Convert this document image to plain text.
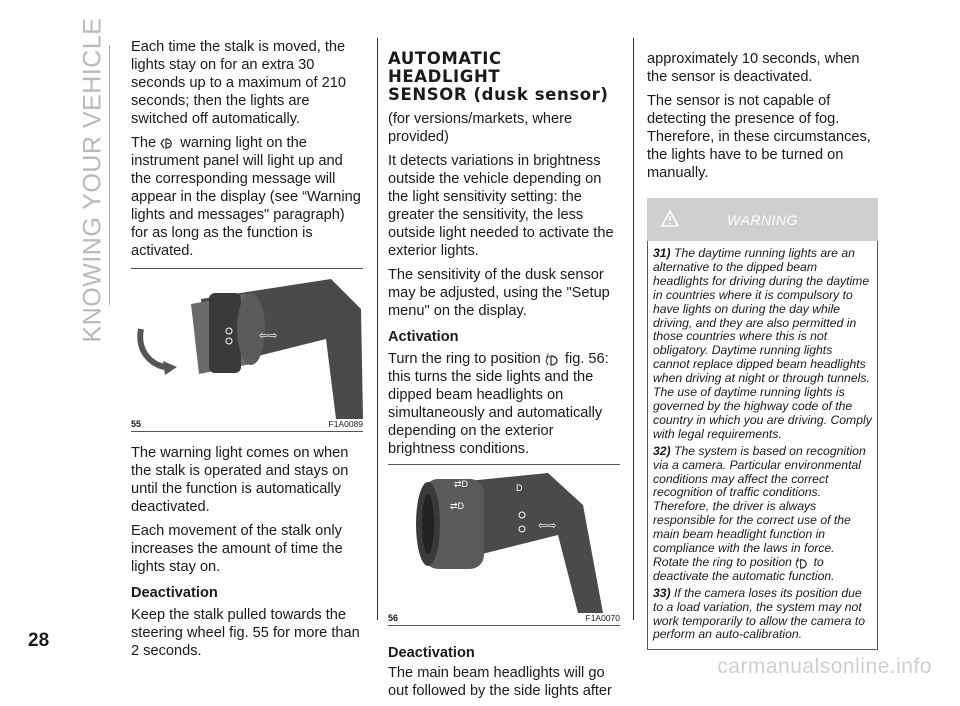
KNOWING YOUR VEHICLE Each time the stalk is moved, the lights stay on for an extra 30 seconds up to a maximum of 210 seconds; then the lights are switched off automatically.

The warning light on the instrument panel will light up and the corresponding message will appear in the display (see “Warning lights and messages" paragraph) for as long as the function is activated.

⇄D
⇄D
⇦⇨
55	F1A0089

The warning light comes on when the stalk is operated and stays on until the function is automatically deactivated.

Each movement of the stalk only increases the amount of time the lights stay on.

Deactivation

Keep the stalk pulled towards the steering wheel fig. 55 for more than 2 seconds.

AUTOMATIC HEADLIGHT
SENSOR (dusk sensor)

(for versions/markets, where provided)

It detects variations in brightness outside the vehicle depending on the light sensitivity setting: the greater the sensitivity, the less outside light needed to activate the exterior lights.

The sensitivity of the dusk sensor may be adjusted, using the "Setup menu" on the display.

Activation

Turn the ring to position A fig. 56: this turns the side lights and the dipped beam headlights on simultaneously and automatically depending on the exterior brightness conditions.

⇄D
⇄D
D
⇦⇨
56	F1A0070
Deactivation

The main beam headlights will go out followed by the side lights after

approximately 10 seconds, when the sensor is deactivated.

The sensor is not capable of detecting the presence of fog. Therefore, in these circumstances, the lights have to be turned on manually.

WARNING

31) The daytime running lights are an alternative to the dipped beam headlights for driving during the daytime in countries where it is compulsory to have lights on during the day while driving, and they are also permitted in those countries where this is not obligatory. Daytime running lights cannot replace dipped beam headlights when driving at night or through tunnels. The use of daytime running lights is governed by the highway code of the country in which you are driving. Comply with legal requirements.

32) The system is based on recognition via a camera. Particular environmental conditions may affect the correct recognition of traffic conditions. Therefore, the driver is always responsible for the correct use of the main beam headlight function in compliance with the laws in force. Rotate the ring to position A to deactivate the automatic function.

33) If the camera loses its position due to a load variation, the system may not work temporarily to allow the camera to perform an auto-calibration.

28
carmanualsonline.info
